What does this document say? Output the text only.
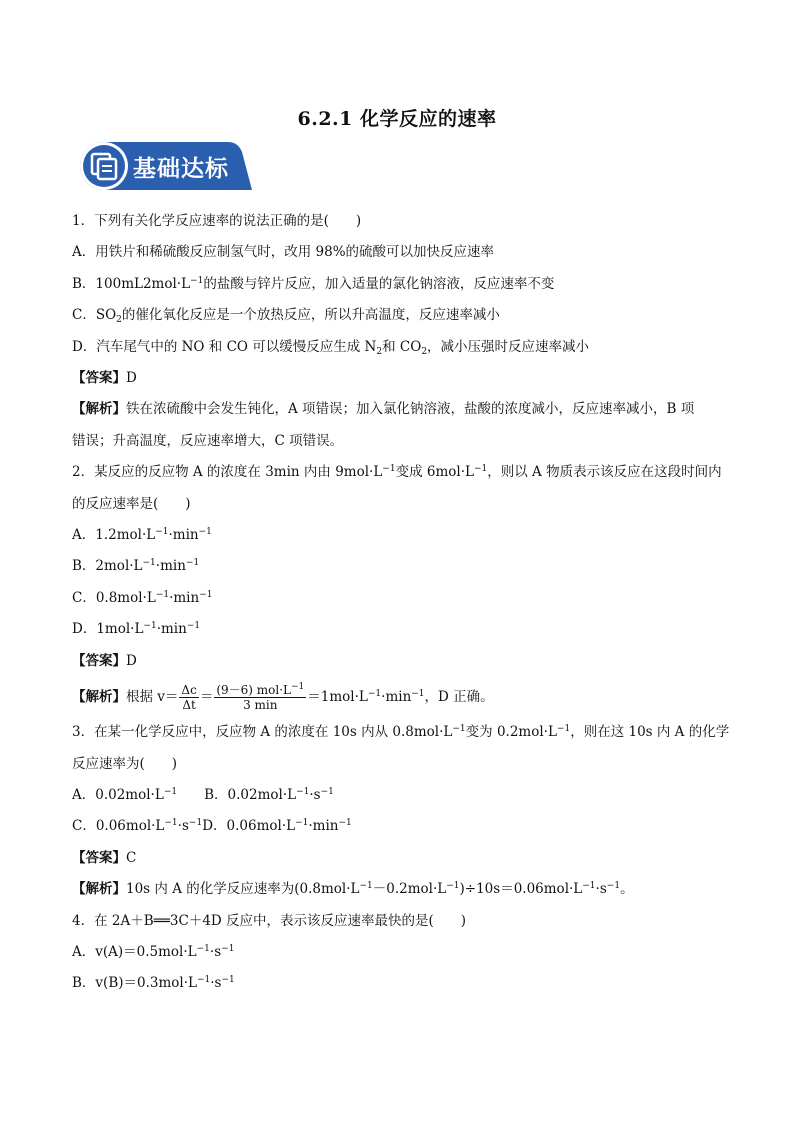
6.2.1 化学反应的速率
基础达标
1．下列有关化学反应速率的说法正确的是(　　)
A．用铁片和稀硫酸反应制氢气时，改用 98%的硫酸可以加快反应速率
B．$100mL2mol\cdot L^{-1}$的盐酸与锌片反应，加入适量的氯化钠溶液，反应速率不变
C．$SO_2$的催化氧化反应是一个放热反应，所以升高温度，反应速率减小
D．汽车尾气中的 NO 和 CO 可以缓慢反应生成 $N_2$和 $CO_2$，减小压强时反应速率减小
【答案】D
【解析】铁在浓硫酸中会发生钝化，A 项错误；加入氯化钠溶液，盐酸的浓度减小，反应速率减小，B 项
错误；升高温度，反应速率增大，C 项错误。
2．某反应的反应物 A 的浓度在 3min 内由 $9mol\cdot L^{-1}$变成 $6mol\cdot L^{-1}$，则以 A 物质表示该反应在这段时间内
的反应速率是(　　)
A．$1.2mol\cdot L^{-1}\cdot\min^{-1}$
B．$2mol\cdot L^{-1}\cdot\min^{-1}$
C．$0.8mol\cdot L^{-1}\cdot\min^{-1}$
D．$1mol\cdot L^{-1}\cdot\min^{-1}$
【答案】D
【解析】根据 $v= \frac{\Delta c}{\Delta t} = \frac{(9-6) mol\cdot L^{-1}}{3 \min} =1mol\cdot L^{-1}\cdot\min^{-1}$，D 正确。
3．在某一化学反应中，反应物 A 的浓度在 10s 内从 $0.8mol\cdot L^{-1}$变为 $0.2mol\cdot L^{-1}$，则在这 10s 内 A 的化学
反应速率为(　　)
A．$0.02mol\cdot L^{-1}$　　 B．$0.02mol\cdot L^{-1}\cdot s^{-1}$
C．$0.06mol\cdot L^{-1}\cdot s^{-1}D$．$0.06mol\cdot L^{-1}\cdot\min^{-1}$
【答案】C
【解析】10s 内 A 的化学反应速率为$(0.8mol\cdot L^{-1}-0.2mol\cdot L^{-1})\div 10s=0.06mol\cdot L^{-1}\cdot s^{-1}$。
4．在 2A＋B══3C＋4D 反应中，表示该反应速率最快的是(　　)
A．$v(A)=0.5mol\cdot L^{-1}\cdot s^{-1}$
B．$v(B)=0.3mol\cdot L^{-1}\cdot s^{-1}$
